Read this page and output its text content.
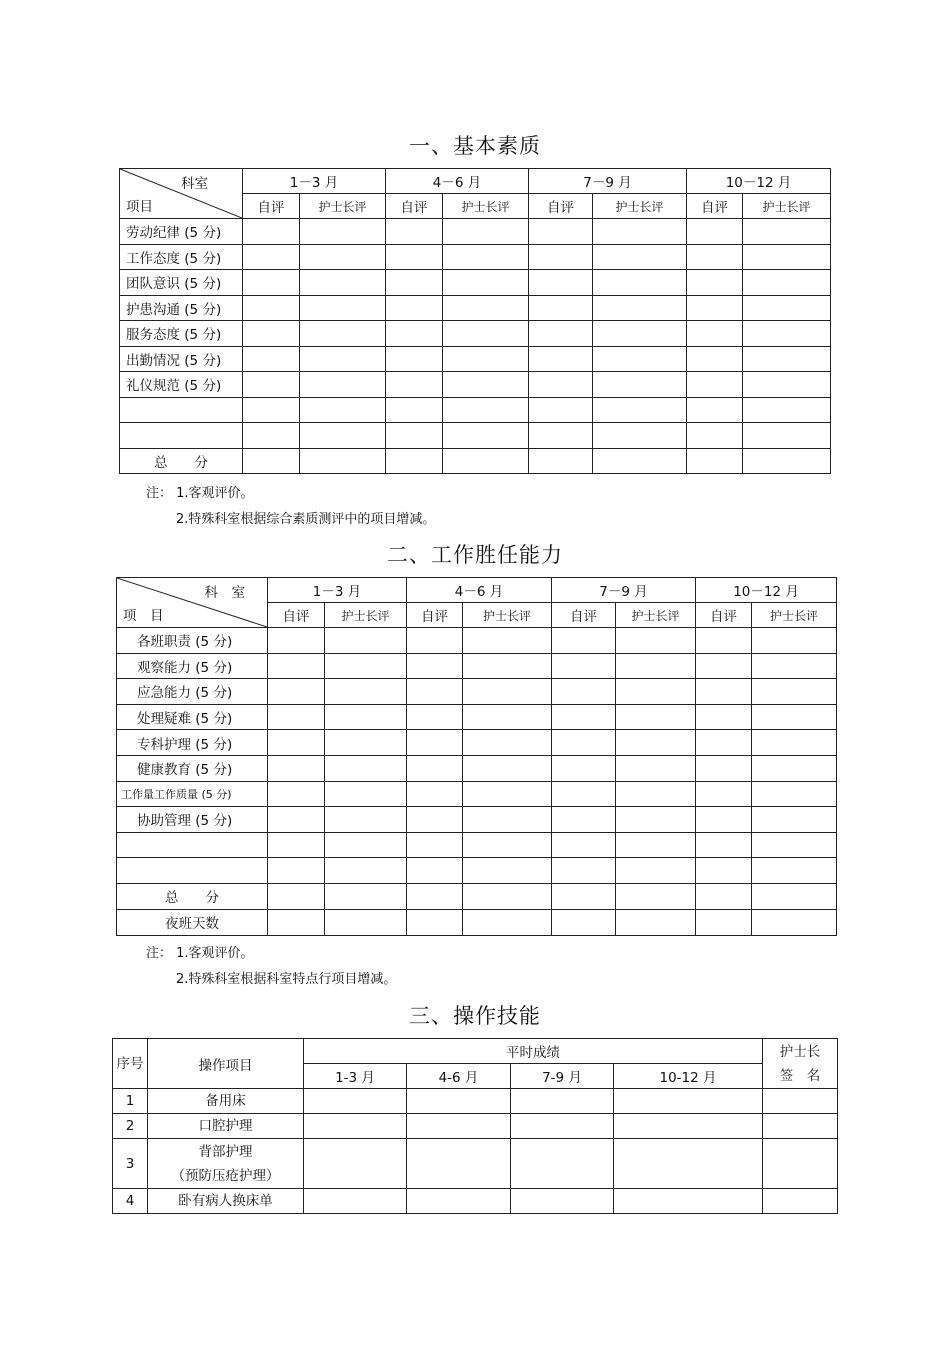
一、基本素质
科室
项目	1－3 月		4－6 月		7－9 月		10－12 月	
	自评	护士长评	自评	护士长评	自评	护士长评	自评	护士长评
劳动纪律 (5 分)								
工作态度 (5 分)								
团队意识 (5 分)								
护患沟通 (5 分)								
服务态度 (5 分)								
出勤情况 (5 分)								
礼仪规范 (5 分)								

总　　分								

注： 1.客观评价。

2.特殊科室根据综合素质测评中的项目增减。

二、工作胜任能力
科　室
项　目	1－3 月		4－6 月		7－9 月		10－12 月	
	自评	护士长评	自评	护士长评	自评	护士长评	自评	护士长评
各班职责 (5 分)								
观察能力 (5 分)								
应急能力 (5 分)								
处理疑难 (5 分)								
专科护理 (5 分)								
健康教育 (5 分)								
工作量工作质量 (5 分)								
协助管理 (5 分)								

总　　分								
夜班天数								

注： 1.客观评价。

2.特殊科室根据科室特点行项目增减。

三、操作技能
序号	操作项目	平时成绩				护士长
签　名

		1-3 月	4-6 月	7-9 月	10-12 月	
1	备用床					

2	口腔护理					

3	背部护理
（预防压疮护理）					

4	卧有病人换床单					
